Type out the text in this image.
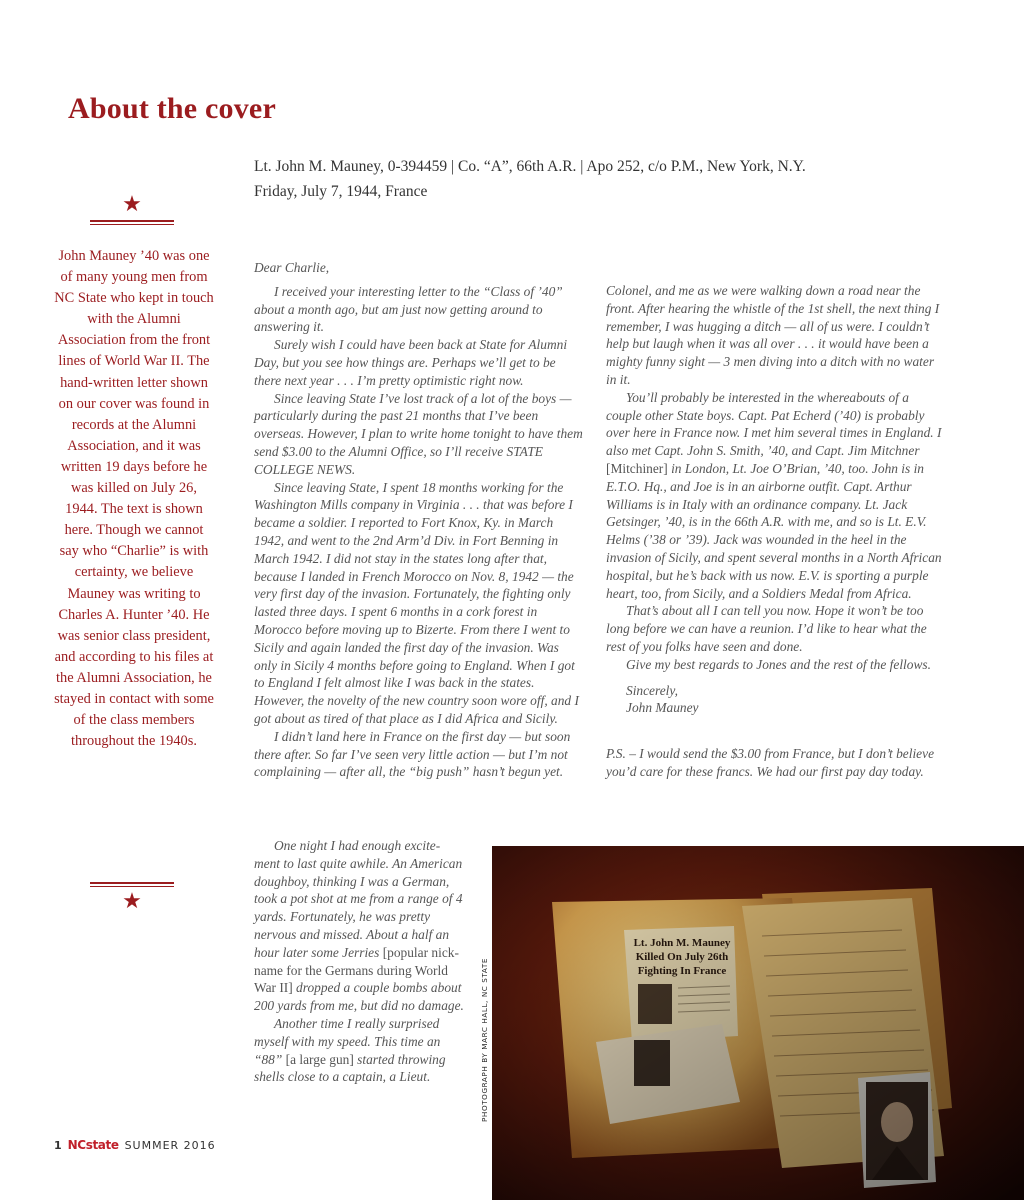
About the cover
Lt. John M. Mauney, 0-394459 | Co. “A”, 66th A.R. | Apo 252, c/o P.M., New York, N.Y.
Friday, July 7, 1944, France
★
John Mauney ’40 was one of many young men from NC State who kept in touch with the Alumni Association from the front lines of World War II. The hand-written letter shown on our cover was found in records at the Alumni Association, and it was written 19 days before he was killed on July 26, 1944. The text is shown here. Though we cannot say who “Charlie” is with certainty, we believe Mauney was writing to Charles A. Hunter ’40. He was senior class president, and according to his files at the Alumni Association, he stayed in contact with some of the class members throughout the 1940s.
★

Dear Charlie,

I received your interesting letter to the “Class of ’40” about a month ago, but am just now getting around to answering it.

Surely wish I could have been back at State for Alumni Day, but you see how things are. Perhaps we’ll get to be there next year . . . I’m pretty optimistic right now.

Since leaving State I’ve lost track of a lot of the boys — particularly during the past 21 months that I’ve been overseas. However, I plan to write home tonight to have them send $3.00 to the Alumni Office, so I’ll receive STATE COLLEGE NEWS.

Since leaving State, I spent 18 months working for the Washington Mills company in Virginia . . . that was before I became a soldier. I reported to Fort Knox, Ky. in March 1942, and went to the 2nd Arm’d Div. in Fort Benning in March 1942. I did not stay in the states long after that, because I landed in French Morocco on Nov. 8, 1942 — the very first day of the invasion. Fortunately, the fighting only lasted three days. I spent 6 months in a cork forest in Morocco before moving up to Bizerte. From there I went to Sicily and again landed the first day of the invasion. Was only in Sicily 4 months before going to England. When I got to England I felt almost like I was back in the states. However, the novelty of the new country soon wore off, and I got about as tired of that place as I did Africa and Sicily.

I didn’t land here in France on the first day — but soon there after. So far I’ve seen very little action — but I’m not complaining — after all, the “big push” hasn’t begun yet.

One night I had enough excite-ment to last quite awhile. An American doughboy, thinking I was a German, took a pot shot at me from a range of 4 yards. Fortunately, he was pretty nervous and missed. About a half an hour later some Jerries [popular nick-name for the Germans during World War II] dropped a couple bombs about 200 yards from me, but did no damage.

Another time I really surprised myself with my speed. This time an “88” [a large gun] started throwing shells close to a captain, a Lieut.

Colonel, and me as we were walking down a road near the front. After hearing the whistle of the 1st shell, the next thing I remember, I was hugging a ditch — all of us were. I couldn’t help but laugh when it was all over . . . it would have been a mighty funny sight — 3 men diving into a ditch with no water in it.

You’ll probably be interested in the whereabouts of a couple other State boys. Capt. Pat Echerd (’40) is probably over here in France now. I met him several times in England. I also met Capt. John S. Smith, ’40, and Capt. Jim Mitchner [Mitchiner] in London, Lt. Joe O’Brian, ’40, too. John is in E.T.O. Hq., and Joe is in an airborne outfit. Capt. Arthur Williams is in Italy with an ordinance company. Lt. Jack Getsinger, ’40, is in the 66th A.R. with me, and so is Lt. E.V. Helms (’38 or ’39). Jack was wounded in the heel in the invasion of Sicily, and spent several months in a North African hospital, but he’s back with us now. E.V. is sporting a purple heart, too, from Sicily, and a Soldiers Medal from Africa.

That’s about all I can tell you now. Hope it won’t be too long before we can have a reunion. I’d like to hear what the rest of you folks have seen and done.

Give my best regards to Jones and the rest of the fellows.

Sincerely,

John Mauney

P.S. – I would send the $3.00 from France, but I don’t believe you’d care for these francs. We had our first pay day today.

PHOTOGRAPH BY MARC HALL, NC STATE
1 NCstate SUMMER 2016
